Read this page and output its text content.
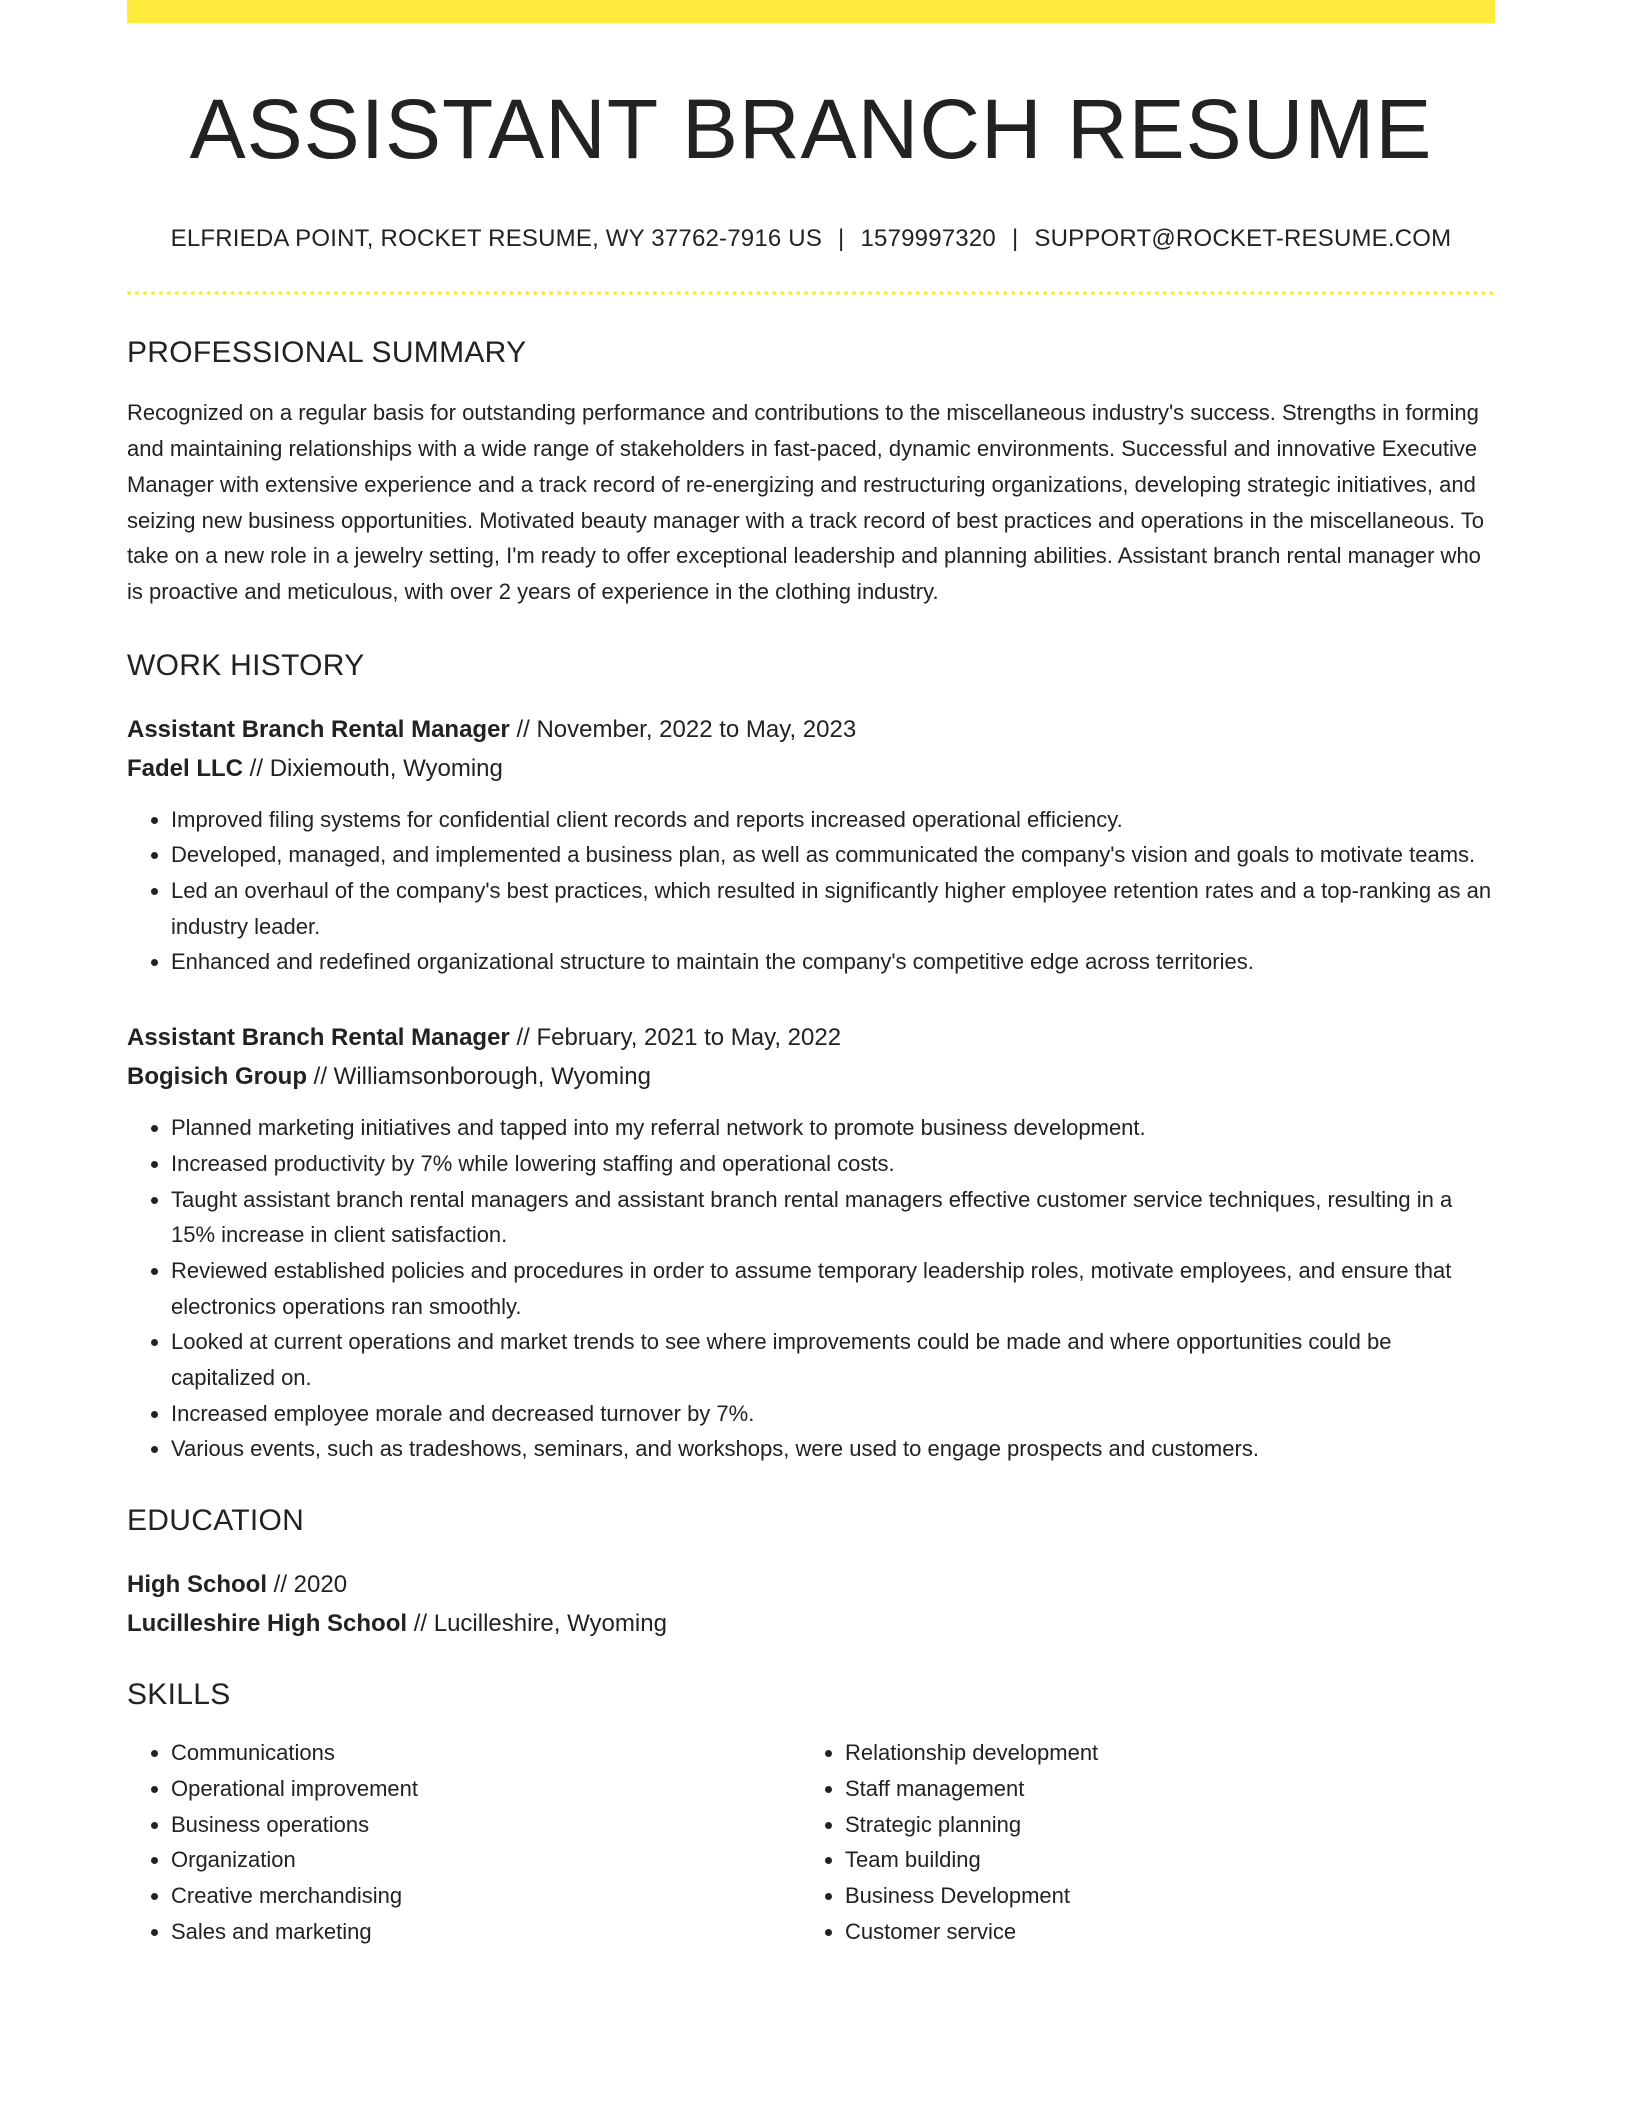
ASSISTANT BRANCH RESUME
ELFRIEDA POINT, ROCKET RESUME, WY 37762-7916 US | 1579997320 | SUPPORT@ROCKET-RESUME.COM
PROFESSIONAL SUMMARY
Recognized on a regular basis for outstanding performance and contributions to the miscellaneous industry's success. Strengths in forming and maintaining relationships with a wide range of stakeholders in fast-paced, dynamic environments. Successful and innovative Executive Manager with extensive experience and a track record of re-energizing and restructuring organizations, developing strategic initiatives, and seizing new business opportunities. Motivated beauty manager with a track record of best practices and operations in the miscellaneous. To take on a new role in a jewelry setting, I'm ready to offer exceptional leadership and planning abilities. Assistant branch rental manager who is proactive and meticulous, with over 2 years of experience in the clothing industry.
WORK HISTORY
Assistant Branch Rental Manager // November, 2022 to May, 2023
Fadel LLC // Dixiemouth, Wyoming
• Improved filing systems for confidential client records and reports increased operational efficiency.
• Developed, managed, and implemented a business plan, as well as communicated the company's vision and goals to motivate teams.
• Led an overhaul of the company's best practices, which resulted in significantly higher employee retention rates and a top-ranking as an industry leader.
• Enhanced and redefined organizational structure to maintain the company's competitive edge across territories.
Assistant Branch Rental Manager // February, 2021 to May, 2022
Bogisich Group // Williamsonborough, Wyoming
• Planned marketing initiatives and tapped into my referral network to promote business development.
• Increased productivity by 7% while lowering staffing and operational costs.
• Taught assistant branch rental managers and assistant branch rental managers effective customer service techniques, resulting in a 15% increase in client satisfaction.
• Reviewed established policies and procedures in order to assume temporary leadership roles, motivate employees, and ensure that electronics operations ran smoothly.
• Looked at current operations and market trends to see where improvements could be made and where opportunities could be capitalized on.
• Increased employee morale and decreased turnover by 7%.
• Various events, such as tradeshows, seminars, and workshops, were used to engage prospects and customers.
EDUCATION
High School // 2020
Lucilleshire High School // Lucilleshire, Wyoming
SKILLS
• Communications
• Operational improvement
• Business operations
• Organization
• Creative merchandising
• Sales and marketing
• Relationship development
• Staff management
• Strategic planning
• Team building
• Business Development
• Customer service
